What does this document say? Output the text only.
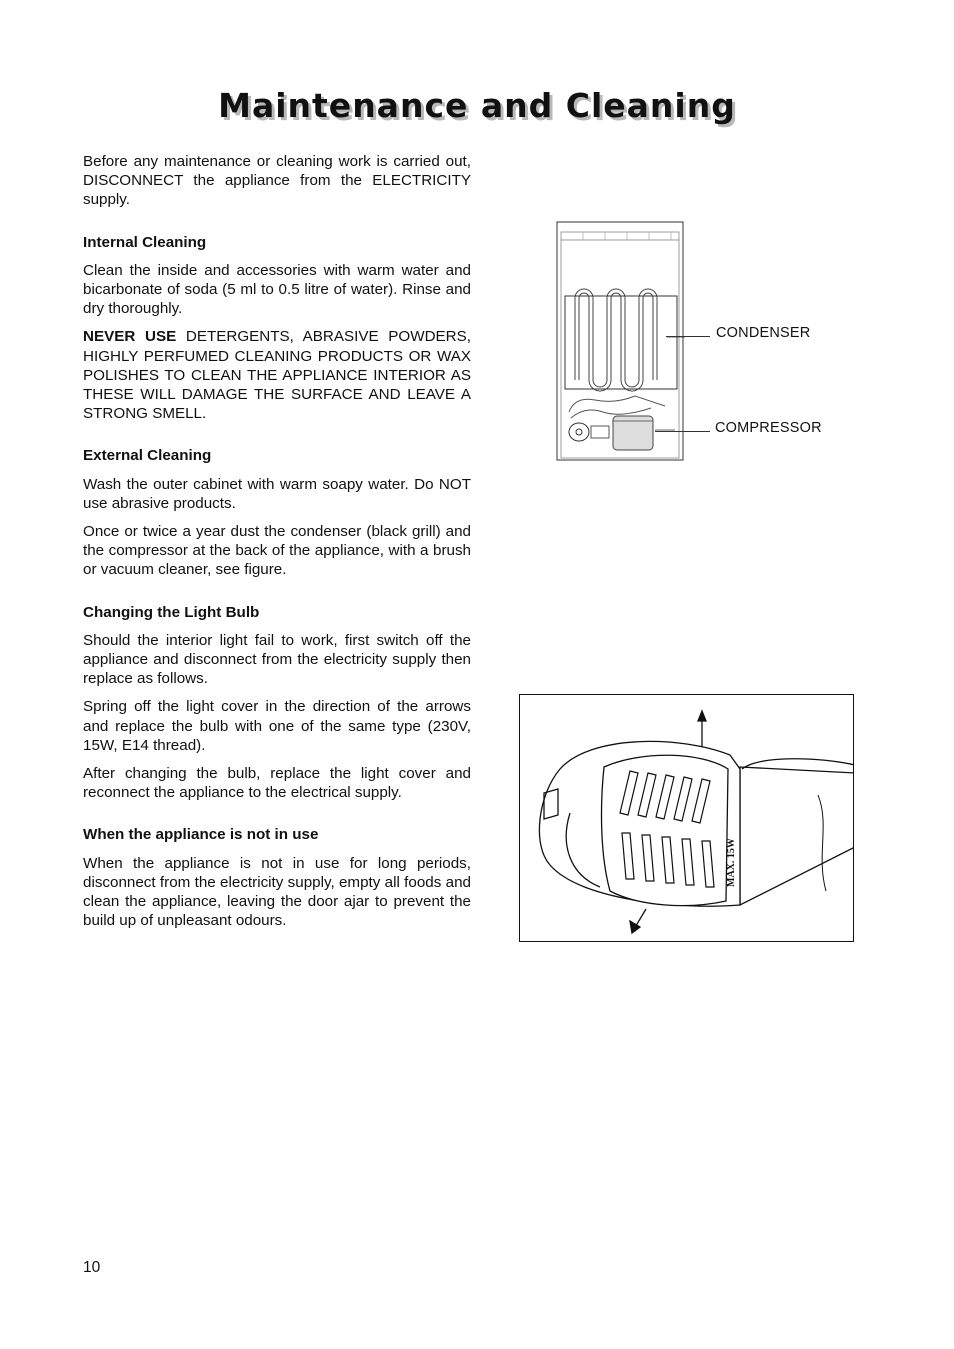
Maintenance and Cleaning

Before any maintenance or cleaning work is carried out, DISCONNECT the appliance from the ELECTRICITY supply.

Internal Cleaning

Clean the inside and accessories with warm water and bicarbonate of soda (5 ml to 0.5 litre of water). Rinse and dry thoroughly.

NEVER USE DETERGENTS, ABRASIVE POWDERS, HIGHLY PERFUMED CLEANING PRODUCTS OR WAX POLISHES TO CLEAN THE APPLIANCE INTERIOR AS THESE WILL DAMAGE THE SURFACE AND LEAVE A STRONG SMELL.

External Cleaning

Wash the outer cabinet with warm soapy water. Do NOT use abrasive products.

Once or twice a year dust the condenser (black grill) and the compressor at the back of the appliance, with a brush or vacuum cleaner, see figure.

Changing the Light Bulb

Should the interior light fail to work, first switch off the appliance and disconnect from the electricity supply then replace as follows.

Spring off the light cover in the direction of the arrows and replace the bulb with one of the same type (230V, 15W, E14 thread).

After changing the bulb, replace the light cover and reconnect the appliance to the electrical supply.

When the appliance is not in use

When the appliance is not in use for long periods, disconnect from the electricity supply, empty all foods and clean the appliance, leaving the door ajar to prevent the build up of unpleasant odours.

CONDENSER
COMPRESSOR
MAX. 15W
10
